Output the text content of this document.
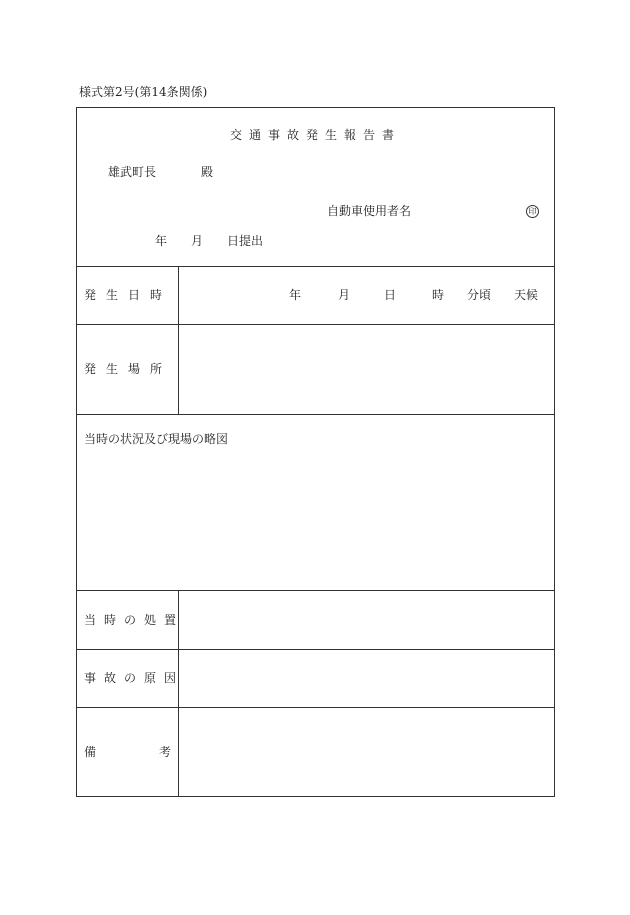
様式第2号(第14条関係)
交通事故発生報告書
雄武町長	殿
自動車使用者名	印
年 月 日提出
発生日時	年	月	日	時 分頃 天候
発生場所
当時の状況及び現場の略図
当時の処置
事故の原因
備	考
